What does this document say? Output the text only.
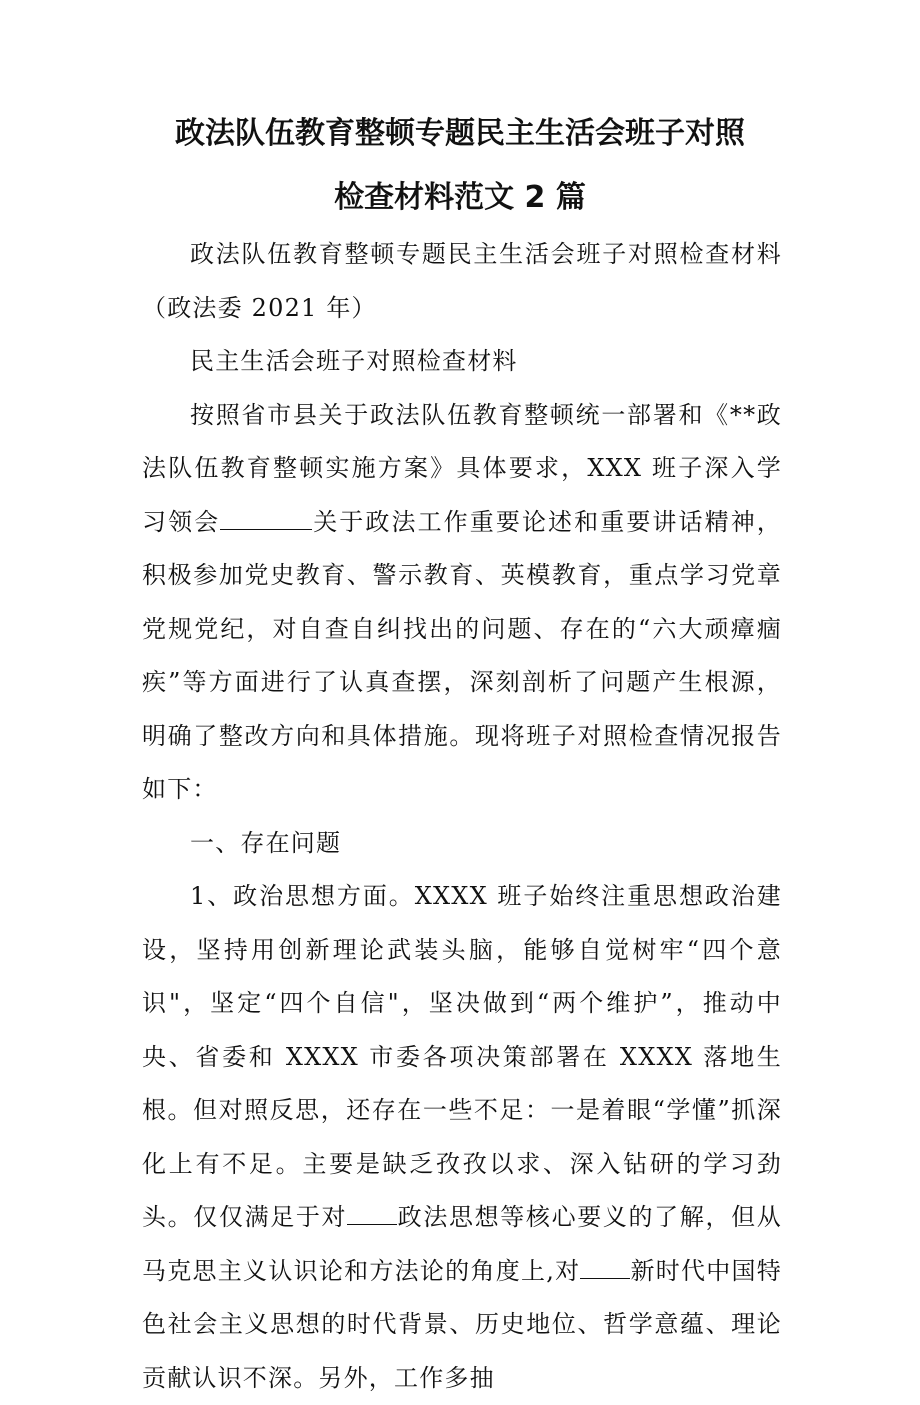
政法队伍教育整顿专题民主生活会班子对照
检查材料范文 2 篇

政法队伍教育整顿专题民主生活会班子对照检查材料（政法委 2021 年）

民主生活会班子对照检查材料

按照省市县关于政法队伍教育整顿统一部署和《**政法队伍教育整顿实施方案》具体要求，XXX 班子深入学习领会	关于政法工作重要论述和重要讲话精神，积极参加党史教育、警示教育、英模教育，重点学习党章党规党纪，对自查自纠找出的问题、存在的“六大顽瘴痼疾”等方面进行了认真查摆，深刻剖析了问题产生根源，明确了整改方向和具体措施。现将班子对照检查情况报告如下：

一、存在问题

1、政治思想方面。XXXX 班子始终注重思想政治建设，坚持用创新理论武装头脑，能够自觉树牢“四个意识"，坚定“四个自信"，坚决做到“两个维护”，推动中央、省委和 XXXX 市委各项决策部署在 XXXX 落地生根。但对照反思，还存在一些不足：一是着眼“学懂”抓深化上有不足。主要是缺乏孜孜以求、深入钻研的学习劲头。仅仅满足于对 政法思想等核心要义的了解，但从马克思主义认识论和方法论的角度上,对 新时代中国特色社会主义思想的时代背景、历史地位、哲学意蕴、理论贡献认识不深。另外，工作多抽
